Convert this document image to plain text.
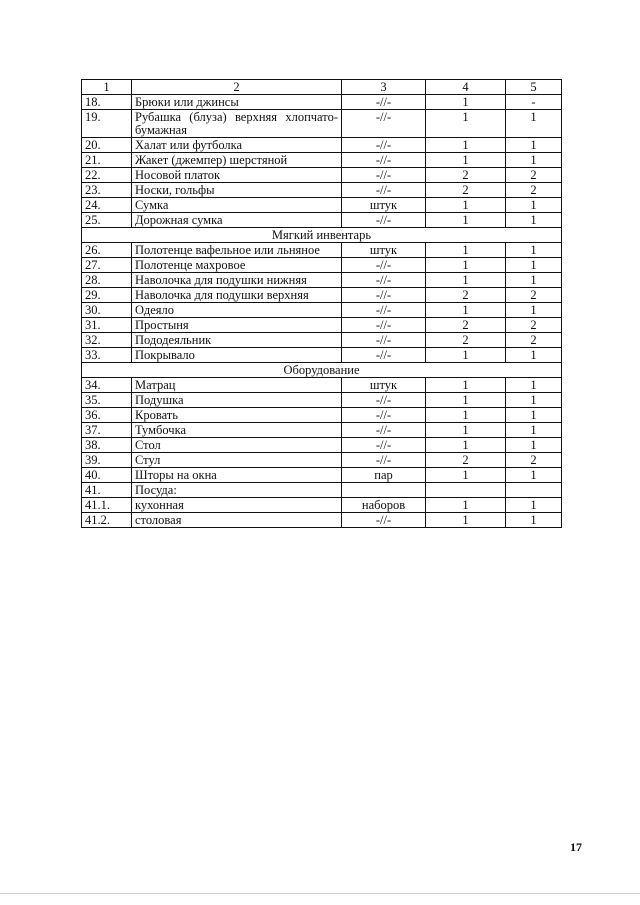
1	2	3	4	5
18.	Брюки или джинсы	-//-	1	-
19.	Рубашка (блуза) верхняя хлопчато-бумажная	-//-	1	1
20.	Халат или футболка	-//-	1	1
21.	Жакет (джемпер) шерстяной	-//-	1	1
22.	Носовой платок	-//-	2	2
23.	Носки, гольфы	-//-	2	2
24.	Сумка	штук	1	1
25.	Дорожная сумка	-//-	1	1
Мягкий инвентарь				
26.	Полотенце вафельное или льняное	штук	1	1
27.	Полотенце махровое	-//-	1	1
28.	Наволочка для подушки нижняя	-//-	1	1
29.	Наволочка для подушки верхняя	-//-	2	2
30.	Одеяло	-//-	1	1
31.	Простыня	-//-	2	2
32.	Пододеяльник	-//-	2	2
33.	Покрывало	-//-	1	1
Оборудование				
34.	Матрац	штук	1	1
35.	Подушка	-//-	1	1
36.	Кровать	-//-	1	1
37.	Тумбочка	-//-	1	1
38.	Стол	-//-	1	1
39.	Стул	-//-	2	2
40.	Шторы на окна	пар	1	1
41.	Посуда:			
41.1.	кухонная	наборов	1	1
41.2.	столовая	-//-	1	1
17
